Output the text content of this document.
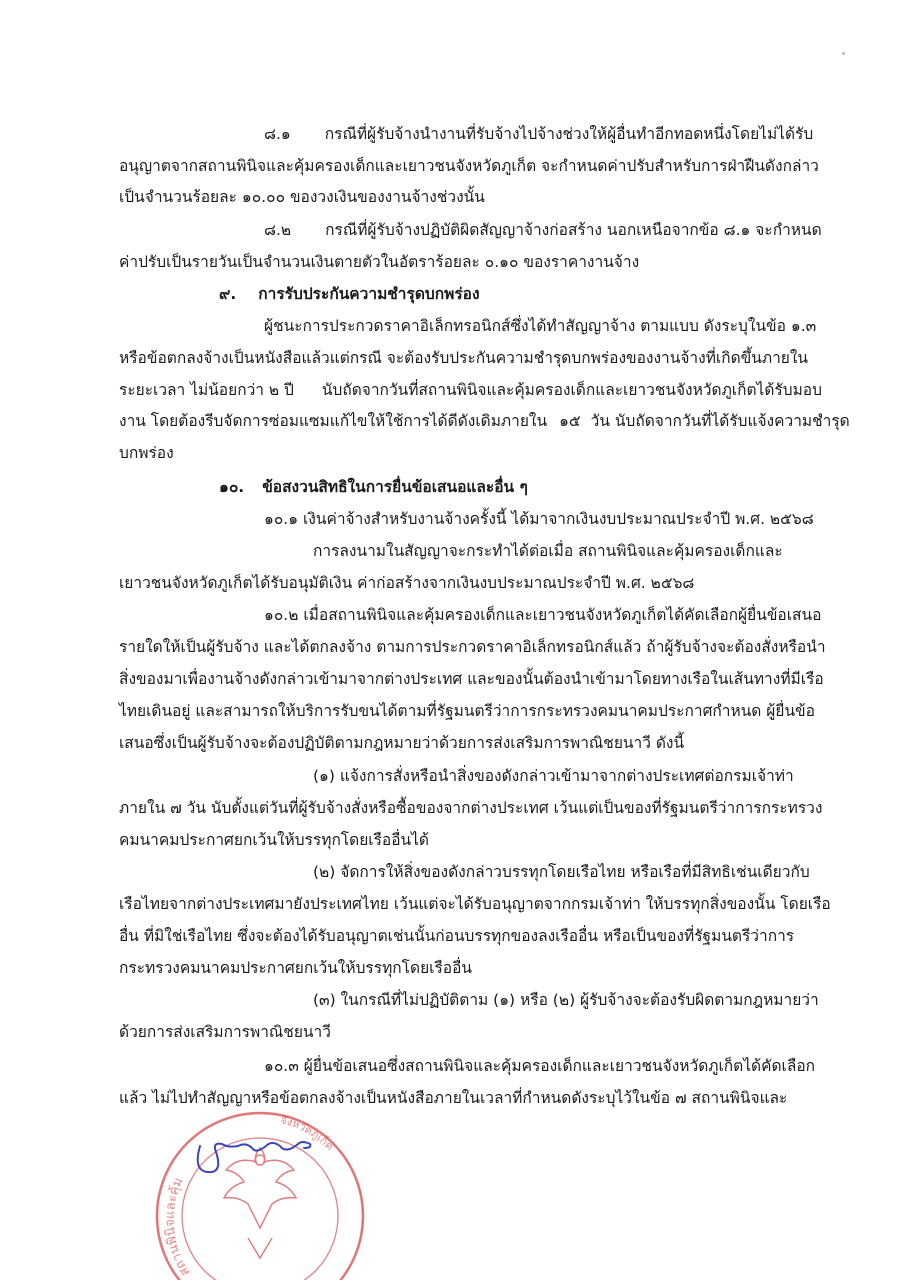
๘.๑ กรณีที่ผู้รับจ้างนำงานที่รับจ้างไปจ้างช่วงให้ผู้อื่นทำอีกทอดหนึ่งโดยไม่ได้รับ
อนุญาตจากสถานพินิจและคุ้มครองเด็กและเยาวชนจังหวัดภูเก็ต จะกำหนดค่าปรับสำหรับการฝ่าฝืนดังกล่าว
เป็นจำนวนร้อยละ ๑๐.๐๐ ของวงเงินของงานจ้างช่วงนั้น
๘.๒ กรณีที่ผู้รับจ้างปฏิบัติผิดสัญญาจ้างก่อสร้าง นอกเหนือจากข้อ ๘.๑ จะกำหนด
ค่าปรับเป็นรายวันเป็นจำนวนเงินตายตัวในอัตราร้อยละ ๐.๑๐ ของราคางานจ้าง
๙. การรับประกันความชำรุดบกพร่อง
ผู้ชนะการประกวดราคาอิเล็กทรอนิกส์ซึ่งได้ทำสัญญาจ้าง ตามแบบ ดังระบุในข้อ ๑.๓
หรือข้อตกลงจ้างเป็นหนังสือแล้วแต่กรณี จะต้องรับประกันความชำรุดบกพร่องของงานจ้างที่เกิดขึ้นภายใน
ระยะเวลา ไม่น้อยกว่า ๒ ปี นับถัดจากวันที่สถานพินิจและคุ้มครองเด็กและเยาวชนจังหวัดภูเก็ตได้รับมอบ
งาน โดยต้องรีบจัดการซ่อมแซมแก้ไขให้ใช้การได้ดีดังเดิมภายใน ๑๕ วัน นับถัดจากวันที่ได้รับแจ้งความชำรุด
บกพร่อง
๑๐. ข้อสงวนสิทธิในการยื่นข้อเสนอและอื่น ๆ
๑๐.๑ เงินค่าจ้างสำหรับงานจ้างครั้งนี้ ได้มาจากเงินงบประมาณประจำปี พ.ศ. ๒๕๖๘
การลงนามในสัญญาจะกระทำได้ต่อเมื่อ สถานพินิจและคุ้มครองเด็กและ
เยาวชนจังหวัดภูเก็ตได้รับอนุมัติเงิน ค่าก่อสร้างจากเงินงบประมาณประจำปี พ.ศ. ๒๕๖๘
๑๐.๒ เมื่อสถานพินิจและคุ้มครองเด็กและเยาวชนจังหวัดภูเก็ตได้คัดเลือกผู้ยื่นข้อเสนอ
รายใดให้เป็นผู้รับจ้าง และได้ตกลงจ้าง ตามการประกวดราคาอิเล็กทรอนิกส์แล้ว ถ้าผู้รับจ้างจะต้องสั่งหรือนำ
สิ่งของมาเพื่องานจ้างดังกล่าวเข้ามาจากต่างประเทศ และของนั้นต้องนำเข้ามาโดยทางเรือในเส้นทางที่มีเรือ
ไทยเดินอยู่ และสามารถให้บริการรับขนได้ตามที่รัฐมนตรีว่าการกระทรวงคมนาคมประกาศกำหนด ผู้ยื่นข้อ
เสนอซึ่งเป็นผู้รับจ้างจะต้องปฏิบัติตามกฎหมายว่าด้วยการส่งเสริมการพาณิชยนาวี ดังนี้
(๑) แจ้งการสั่งหรือนำสิ่งของดังกล่าวเข้ามาจากต่างประเทศต่อกรมเจ้าท่า
ภายใน ๗ วัน นับตั้งแต่วันที่ผู้รับจ้างสั่งหรือซื้อของจากต่างประเทศ เว้นแต่เป็นของที่รัฐมนตรีว่าการกระทรวง
คมนาคมประกาศยกเว้นให้บรรทุกโดยเรืออื่นได้
(๒) จัดการให้สิ่งของดังกล่าวบรรทุกโดยเรือไทย หรือเรือที่มีสิทธิเช่นเดียวกับ
เรือไทยจากต่างประเทศมายังประเทศไทย เว้นแต่จะได้รับอนุญาตจากกรมเจ้าท่า ให้บรรทุกสิ่งของนั้น โดยเรือ
อื่น ที่มิใช่เรือไทย ซึ่งจะต้องได้รับอนุญาตเช่นนั้นก่อนบรรทุกของลงเรืออื่น หรือเป็นของที่รัฐมนตรีว่าการ
กระทรวงคมนาคมประกาศยกเว้นให้บรรทุกโดยเรืออื่น
(๓) ในกรณีที่ไม่ปฏิบัติตาม (๑) หรือ (๒) ผู้รับจ้างจะต้องรับผิดตามกฎหมายว่า
ด้วยการส่งเสริมการพาณิชยนาวี
๑๐.๓ ผู้ยื่นข้อเสนอซึ่งสถานพินิจและคุ้มครองเด็กและเยาวชนจังหวัดภูเก็ตได้คัดเลือก
แล้ว ไม่ไปทำสัญญาหรือข้อตกลงจ้างเป็นหนังสือภายในเวลาที่กำหนดดังระบุไว้ในข้อ ๗ สถานพินิจและ
สถานพินิจและคุ้ม
จังหวัดภูเก็ต
